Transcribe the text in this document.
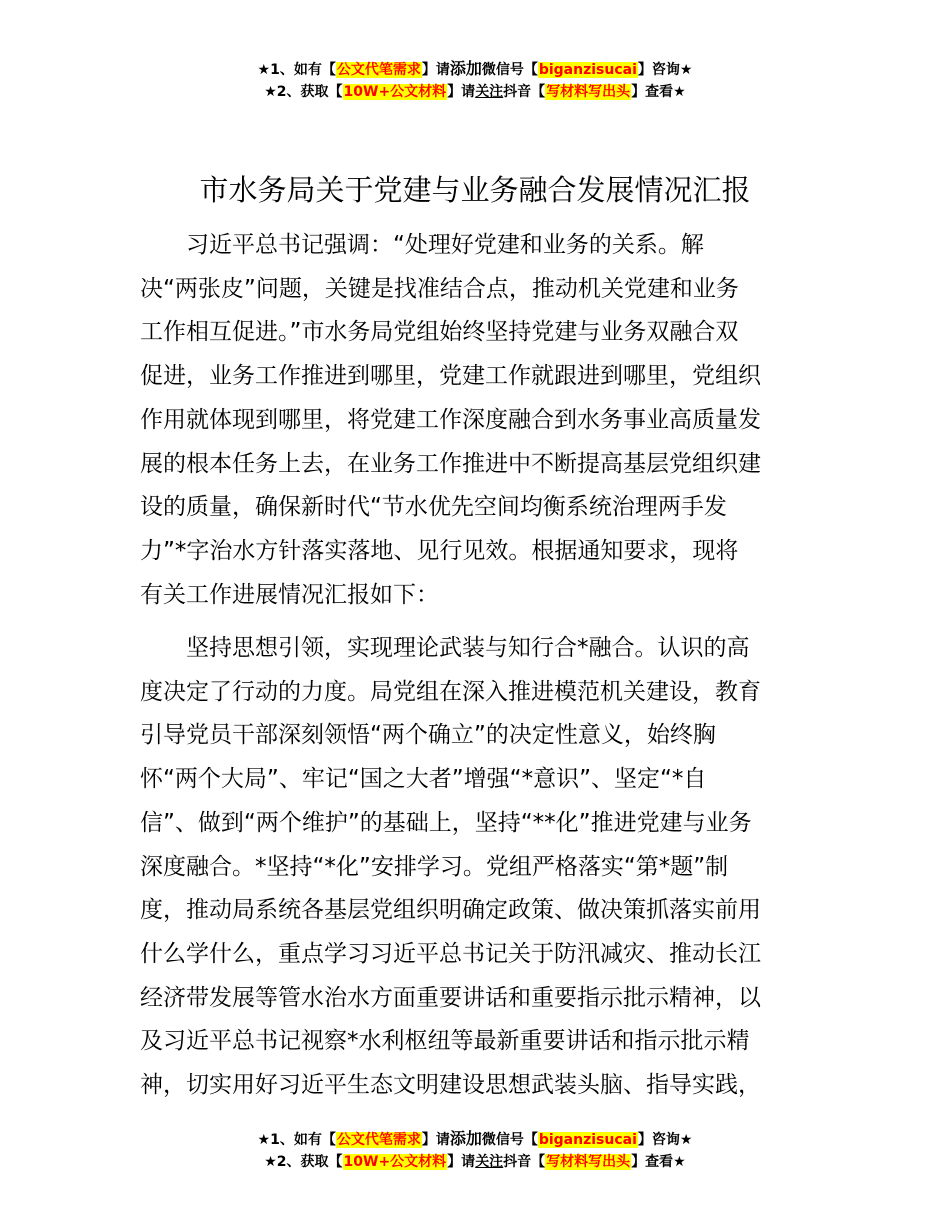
★1、如有【公文代笔需求】请添加微信号【biganzisucai】咨询★
★2、获取【10W+公文材料】请关注抖音【写材料写出头】查看★
市水务局关于党建与业务融合发展情况汇报
　　习近平总书记强调：“处理好党建和业务的关系。解
决“两张皮”问题，关键是找准结合点，推动机关党建和业务
工作相互促进。”市水务局党组始终坚持党建与业务双融合双
促进，业务工作推进到哪里，党建工作就跟进到哪里，党组织
作用就体现到哪里，将党建工作深度融合到水务事业高质量发
展的根本任务上去，在业务工作推进中不断提高基层党组织建
设的质量，确保新时代“节水优先空间均衡系统治理两手发
力”*字治水方针落实落地、见行见效。根据通知要求，现将
有关工作进展情况汇报如下：
　　坚持思想引领，实现理论武装与知行合*融合。认识的高
度决定了行动的力度。局党组在深入推进模范机关建设，教育
引导党员干部深刻领悟“两个确立”的决定性意义，始终胸
怀“两个大局”、牢记“国之大者”增强“*意识”、坚定“*自
信”、做到“两个维护”的基础上，坚持“**化”推进党建与业务
深度融合。*坚持“*化”安排学习。党组严格落实“第*题”制
度，推动局系统各基层党组织明确定政策、做决策抓落实前用
什么学什么，重点学习习近平总书记关于防汛减灾、推动长江
经济带发展等管水治水方面重要讲话和重要指示批示精神，以
及习近平总书记视察*水利枢纽等最新重要讲话和指示批示精
神，切实用好习近平生态文明建设思想武装头脑、指导实践，
★1、如有【公文代笔需求】请添加微信号【biganzisucai】咨询★
★2、获取【10W+公文材料】请关注抖音【写材料写出头】查看★
